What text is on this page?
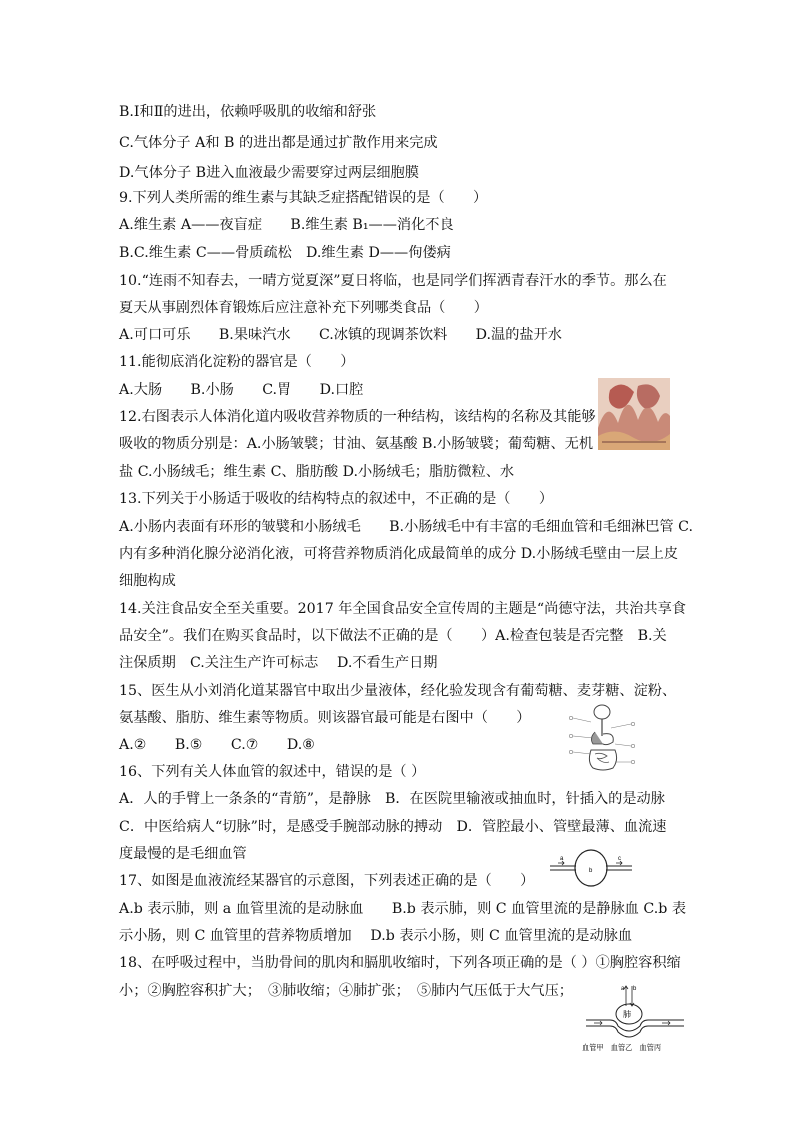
B.Ⅰ和Ⅱ的进出，依赖呼吸肌的收缩和舒张
C.气体分子 A和 B 的进出都是通过扩散作用来完成
D.气体分子 B进入血液最少需要穿过两层细胞膜
9.下列人类所需的维生素与其缺乏症搭配错误的是（　　）
A.维生素 A——夜盲症　　B.维生素 B₁——消化不良
B.C.维生素 C——骨质疏松　D.维生素 D——佝偻病
10.“连雨不知春去，一晴方觉夏深”夏日将临，也是同学们挥洒青春汗水的季节。那么在
夏天从事剧烈体育锻炼后应注意补充下列哪类食品（　　）
A.可口可乐　　B.果味汽水　　C.冰镇的现调茶饮料　　D.温的盐开水
11.能彻底消化淀粉的器官是（　　）
A.大肠　　B.小肠　　C.胃　　D.口腔
12.右图表示人体消化道内吸收营养物质的一种结构，该结构的名称及其能够
吸收的物质分别是：A.小肠皱襞；甘油、氨基酸 B.小肠皱襞；葡萄糖、无机
盐 C.小肠绒毛；维生素 C、脂肪酸 D.小肠绒毛；脂肪微粒、水
13.下列关于小肠适于吸收的结构特点的叙述中，不正确的是（　　）
A.小肠内表面有环形的皱襞和小肠绒毛　　B.小肠绒毛中有丰富的毛细血管和毛细淋巴管 C.
内有多种消化腺分泌消化液，可将营养物质消化成最简单的成分 D.小肠绒毛壁由一层上皮
细胞构成
14.关注食品安全至关重要。2017 年全国食品安全宣传周的主题是“尚德守法，共治共享食
品安全”。我们在购买食品时，以下做法不正确的是（　　）A.检查包装是否完整　B.关
注保质期　C.关注生产许可标志　 D.不看生产日期
15、医生从小刘消化道某器官中取出少量液体，经化验发现含有葡萄糖、麦芽糖、淀粉、
氨基酸、脂肪、维生素等物质。则该器官最可能是右图中（　　）
A.②　　B.⑤　　C.⑦　　D.⑧
16、下列有关人体血管的叙述中，错误的是（ ）
A．人的手臂上一条条的“青筋”，是静脉　B．在医院里输液或抽血时，针插入的是动脉
C．中医给病人“切脉”时，是感受手腕部动脉的搏动　D．管腔最小、管壁最薄、血流速
度最慢的是毛细血管
17、如图是血液流经某器官的示意图，下列表述正确的是（　　）
A.b 表示肺，则 a 血管里流的是动脉血　　B.b 表示肺，则 C 血管里流的是静脉血 C.b 表
示小肠，则 C 血管里的营养物质增加　 D.b 表示小肠，则 C 血管里流的是动脉血
18、在呼吸过程中，当肋骨间的肌肉和膈肌收缩时，下列各项正确的是（ ）①胸腔容积缩
小；②胸腔容积扩大；　③肺收缩；④肺扩张；　⑤肺内气压低于大气压；
a
b
c
a b
肺
血管甲　血管乙　血管丙
